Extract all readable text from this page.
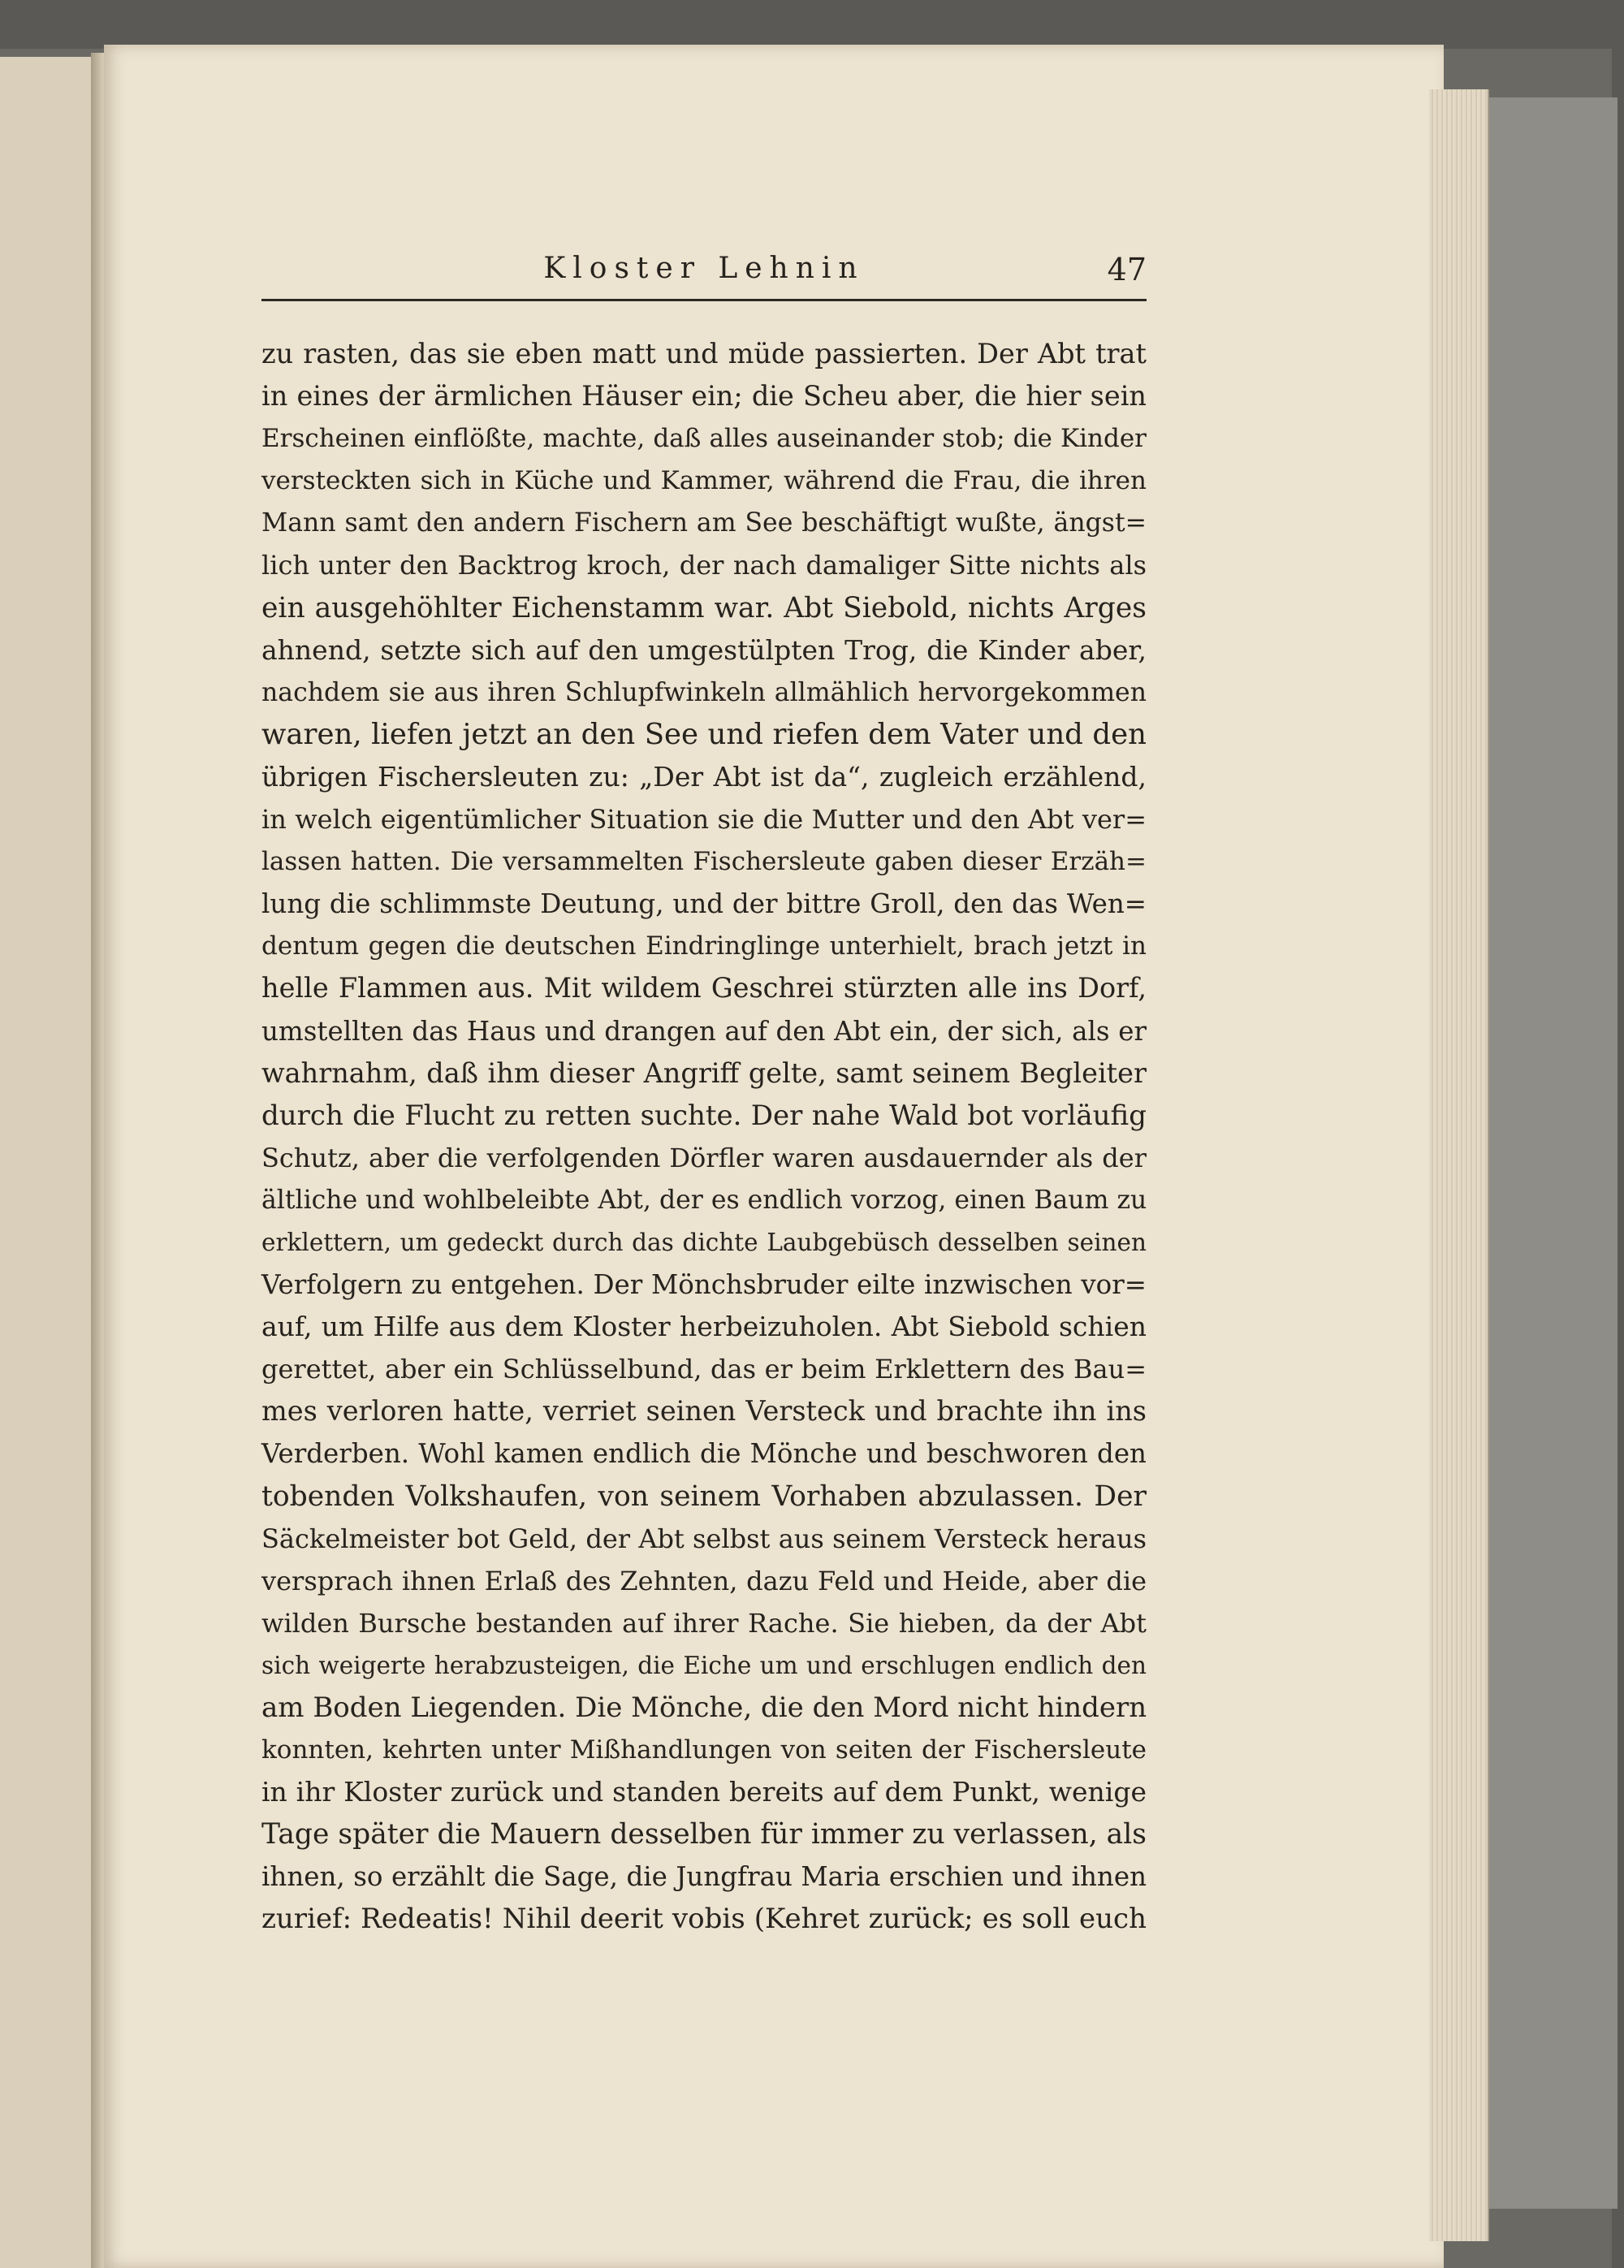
Kloster Lehnin	47
zu rasten, das sie eben matt und müde passierten. Der Abt trat
in eines der ärmlichen Häuser ein; die Scheu aber, die hier sein
Erscheinen einflößte, machte, daß alles auseinander stob; die Kinder
versteckten sich in Küche und Kammer, während die Frau, die ihren
Mann samt den andern Fischern am See beschäftigt wußte, ängst=
lich unter den Backtrog kroch, der nach damaliger Sitte nichts als
ein ausgehöhlter Eichenstamm war. Abt Siebold, nichts Arges
ahnend, setzte sich auf den umgestülpten Trog, die Kinder aber,
nachdem sie aus ihren Schlupfwinkeln allmählich hervorgekommen
waren, liefen jetzt an den See und riefen dem Vater und den
übrigen Fischersleuten zu: „Der Abt ist da“, zugleich erzählend,
in welch eigentümlicher Situation sie die Mutter und den Abt ver=
lassen hatten. Die versammelten Fischersleute gaben dieser Erzäh=
lung die schlimmste Deutung, und der bittre Groll, den das Wen=
dentum gegen die deutschen Eindringlinge unterhielt, brach jetzt in
helle Flammen aus. Mit wildem Geschrei stürzten alle ins Dorf,
umstellten das Haus und drangen auf den Abt ein, der sich, als er
wahrnahm, daß ihm dieser Angriff gelte, samt seinem Begleiter
durch die Flucht zu retten suchte. Der nahe Wald bot vorläufig
Schutz, aber die verfolgenden Dörfler waren ausdauernder als der
ältliche und wohlbeleibte Abt, der es endlich vorzog, einen Baum zu
erklettern, um gedeckt durch das dichte Laubgebüsch desselben seinen
Verfolgern zu entgehen. Der Mönchsbruder eilte inzwischen vor=
auf, um Hilfe aus dem Kloster herbeizuholen. Abt Siebold schien
gerettet, aber ein Schlüsselbund, das er beim Erklettern des Bau=
mes verloren hatte, verriet seinen Versteck und brachte ihn ins
Verderben. Wohl kamen endlich die Mönche und beschworen den
tobenden Volkshaufen, von seinem Vorhaben abzulassen. Der
Säckelmeister bot Geld, der Abt selbst aus seinem Versteck heraus
versprach ihnen Erlaß des Zehnten, dazu Feld und Heide, aber die
wilden Bursche bestanden auf ihrer Rache. Sie hieben, da der Abt
sich weigerte herabzusteigen, die Eiche um und erschlugen endlich den
am Boden Liegenden. Die Mönche, die den Mord nicht hindern
konnten, kehrten unter Mißhandlungen von seiten der Fischersleute
in ihr Kloster zurück und standen bereits auf dem Punkt, wenige
Tage später die Mauern desselben für immer zu verlassen, als
ihnen, so erzählt die Sage, die Jungfrau Maria erschien und ihnen
zurief: Redeatis! Nihil deerit vobis (Kehret zurück; es soll euch
